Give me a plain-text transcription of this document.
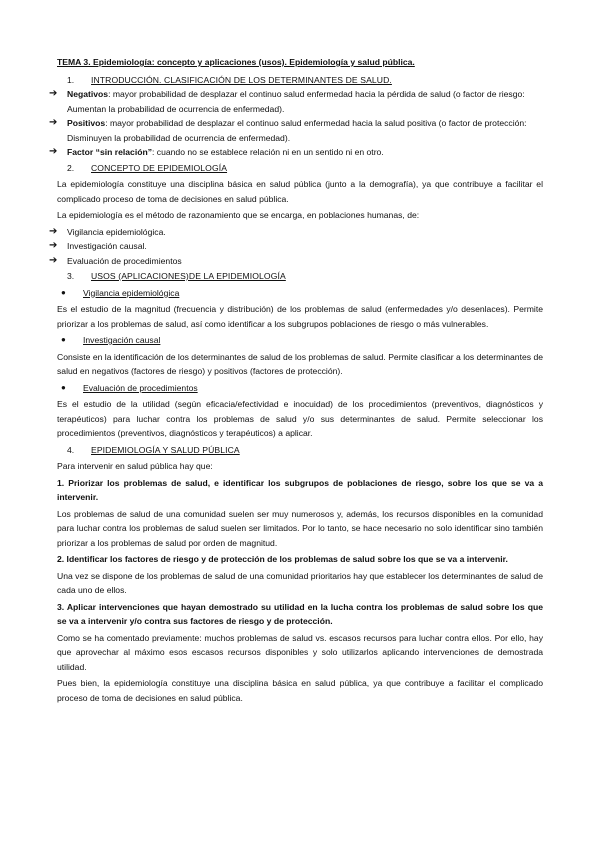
TEMA 3. Epidemiología: concepto y aplicaciones (usos). Epidemiología y salud pública.
1. INTRODUCCIÓN. CLASIFICACIÓN DE LOS DETERMINANTES DE SALUD.
➔ Negativos: mayor probabilidad de desplazar el continuo salud enfermedad hacia la pérdida de salud (o factor de riesgo: Aumentan la probabilidad de ocurrencia de enfermedad).
➔ Positivos: mayor probabilidad de desplazar el continuo salud enfermedad hacia la salud positiva (o factor de protección: Disminuyen la probabilidad de ocurrencia de enfermedad).
➔ Factor “sin relación”: cuando no se establece relación ni en un sentido ni en otro.
2. CONCEPTO DE EPIDEMIOLOGÍA
La epidemiología constituye una disciplina básica en salud pública (junto a la demografía), ya que contribuye a facilitar el complicado proceso de toma de decisiones en salud pública.
La epidemiología es el método de razonamiento que se encarga, en poblaciones humanas, de:
➔ Vigilancia epidemiológica.
➔ Investigación causal.
➔ Evaluación de procedimientos
3. USOS (APLICACIONES)DE LA EPIDEMIOLOGÍA
● Vigilancia epidemiológica
Es el estudio de la magnitud (frecuencia y distribución) de los problemas de salud (enfermedades y/o desenlaces). Permite priorizar a los problemas de salud, así como identificar a los subgrupos poblaciones de riesgo o más vulnerables.
● Investigación causal
Consiste en la identificación de los determinantes de salud de los problemas de salud. Permite clasificar a los determinantes de salud en negativos (factores de riesgo) y positivos (factores de protección).
● Evaluación de procedimientos
Es el estudio de la utilidad (según eficacia/efectividad e inocuidad) de los procedimientos (preventivos, diagnósticos y terapéuticos) para luchar contra los problemas de salud y/o sus determinantes de salud. Permite seleccionar los procedimientos (preventivos, diagnósticos y terapéuticos) a aplicar.
4. EPIDEMIOLOGÍA Y SALUD PÚBLICA
Para intervenir en salud pública hay que:
1. Priorizar los problemas de salud, e identificar los subgrupos de poblaciones de riesgo, sobre los que se va a intervenir.
Los problemas de salud de una comunidad suelen ser muy numerosos y, además, los recursos disponibles en la comunidad para luchar contra los problemas de salud suelen ser limitados. Por lo tanto, se hace necesario no solo identificar sino también priorizar a los problemas de salud por orden de magnitud.
2. Identificar los factores de riesgo y de protección de los problemas de salud sobre los que se va a intervenir.
Una vez se dispone de los problemas de salud de una comunidad prioritarios hay que establecer los determinantes de salud de cada uno de ellos.
3. Aplicar intervenciones que hayan demostrado su utilidad en la lucha contra los problemas de salud sobre los que se va a intervenir y/o contra sus factores de riesgo y de protección.
Como se ha comentado previamente: muchos problemas de salud vs. escasos recursos para luchar contra ellos. Por ello, hay que aprovechar al máximo esos escasos recursos disponibles y solo utilizarlos aplicando intervenciones de demostrada utilidad.
Pues bien, la epidemiología constituye una disciplina básica en salud pública, ya que contribuye a facilitar el complicado proceso de toma de decisiones en salud pública.
